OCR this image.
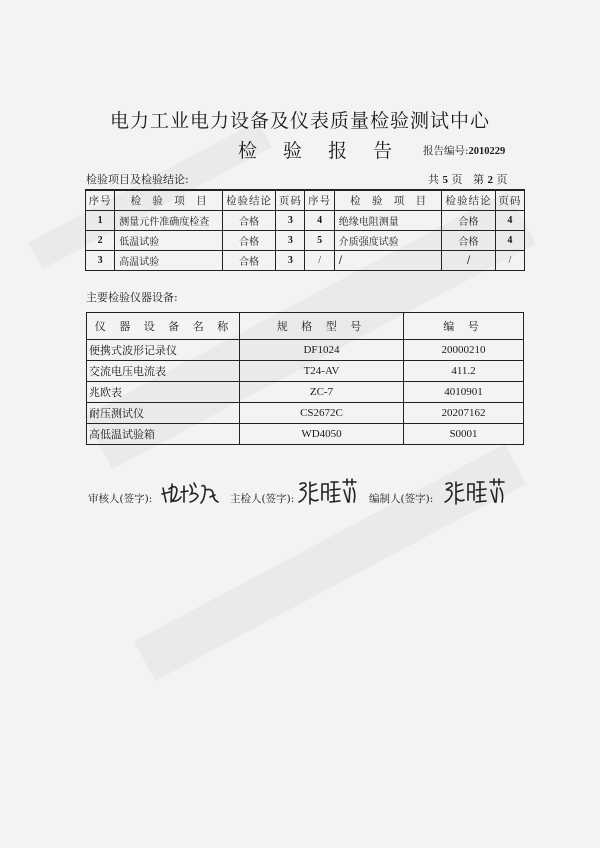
电力工业电力设备及仪表质量检验测试中心
检 验 报 告 报告编号:2010229
检验项目及检验结论:	共 5 页 第 2 页
序号	检 验 项 目	检验结论	页码	序号	检 验 项 目	检验结论	页码
1	测量元件准确度检查	合格	3	4	绝缘电阻测量	合格	4
2	低温试验	合格	3	5	介质强度试验	合格	4
3	高温试验	合格	3	/	/	/	/
主要检验仪器设备:
仪 器 设 备 名 称	规 格 型 号	编 号
便携式波形记录仪	DF1024	20000210
交流电压电流表	T24-AV	411.2
兆欧表	ZC-7	4010901
耐压测试仪	CS2672C	20207162
高低温试验箱	WD4050	S0001
审核人(签字):	主检人(签字):	编制人(签字):
